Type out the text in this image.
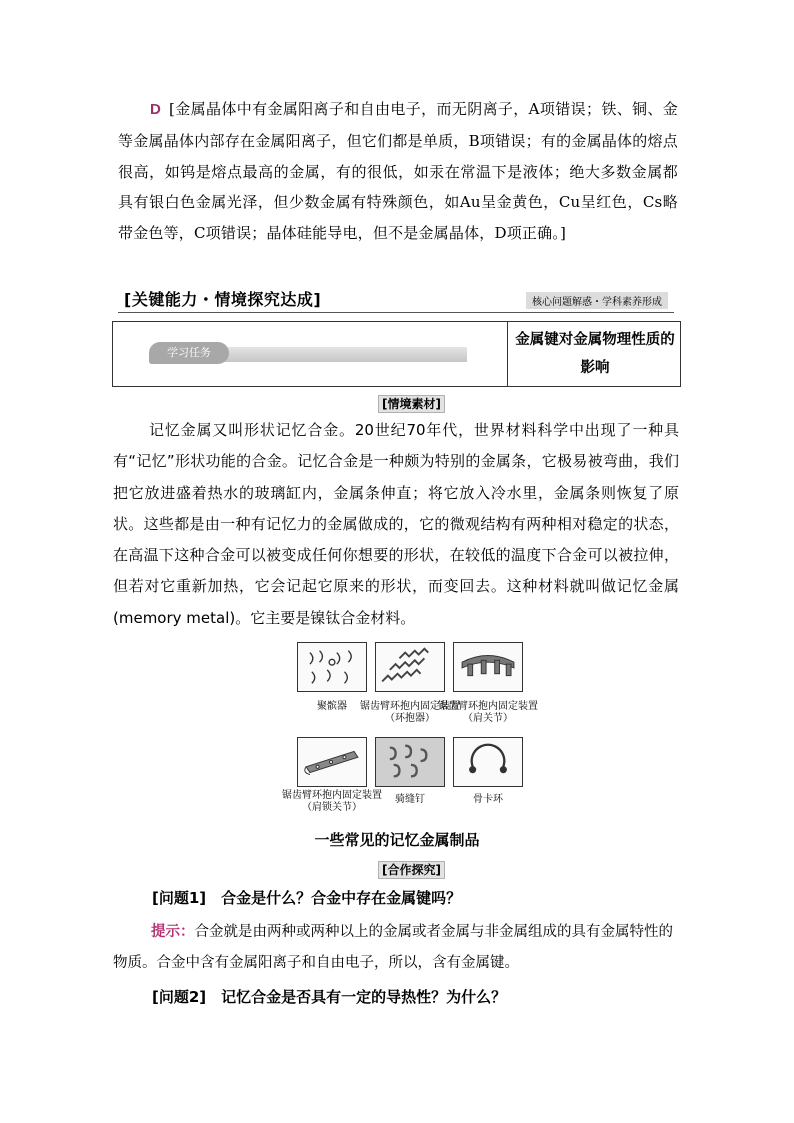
D [金属晶体中有金属阳离子和自由电子，而无阴离子，A项错误；铁、铜、金等金属晶体内部存在金属阳离子，但它们都是单质，B项错误；有的金属晶体的熔点很高，如钨是熔点最高的金属，有的很低，如汞在常温下是液体；绝大多数金属都具有银白色金属光泽，但少数金属有特殊颜色，如Au呈金黄色，Cu呈红色，Cs略带金色等，C项错误；晶体硅能导电，但不是金属晶体，D项正确。]
[关键能力・情境探究达成]	核心问题解惑・学科素养形成
学习任务
金属键对金属物理性质的影响
[情境素材]
记忆金属又叫形状记忆合金。20世纪70年代，世界材料科学中出现了一种具有“记忆”形状功能的合金。记忆合金是一种颇为特别的金属条，它极易被弯曲，我们把它放进盛着热水的玻璃缸内，金属条伸直；将它放入冷水里，金属条则恢复了原状。这些都是由一种有记忆力的金属做成的，它的微观结构有两种相对稳定的状态，在高温下这种合金可以被变成任何你想要的形状，在较低的温度下合金可以被拉伸，但若对它重新加热，它会记起它原来的形状，而变回去。这种材料就叫做记忆金属(memory metal)。它主要是镍钛合金材料。
聚髌器	锯齿臂环抱内固定装置（环抱器）
锯齿臂环抱内固定装置（肩关节）
锯齿臂环抱内固定装置（肩锁关节）
骑缝钉	骨卡环
一些常见的记忆金属制品
[合作探究]
[问题1]　合金是什么？合金中存在金属键吗？
提示：合金就是由两种或两种以上的金属或者金属与非金属组成的具有金属特性的物质。合金中含有金属阳离子和自由电子，所以，含有金属键。
[问题2]　记忆合金是否具有一定的导热性？为什么？
